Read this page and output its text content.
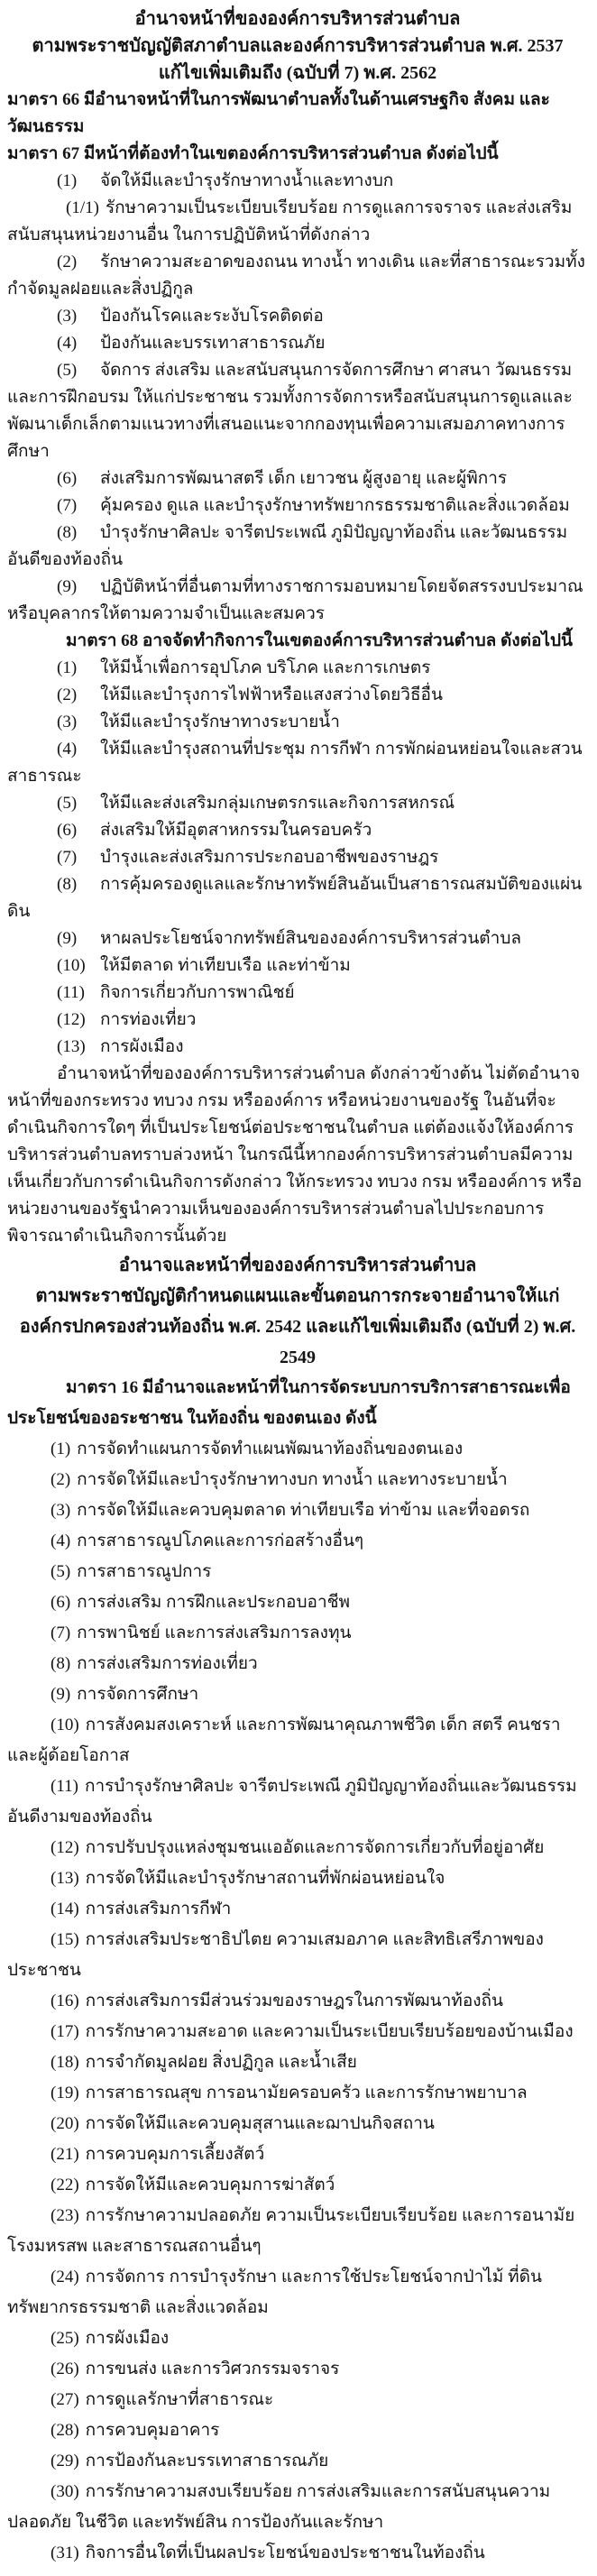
อำนาจหน้าที่ขององค์การบริหารส่วนตำบล

ตามพระราชบัญญัติสภาตำบลและองค์การบริหารส่วนตำบล พ.ศ. 2537

แก้ไขเพิ่มเติมถึง (ฉบับที่ 7) พ.ศ. 2562

มาตรา 66 มีอำนาจหน้าที่ในการพัฒนาตำบลทั้งในด้านเศรษฐกิจ สังคม และวัฒนธรรม

มาตรา 67 มีหน้าที่ต้องทำในเขตองค์การบริหารส่วนตำบล ดังต่อไปนี้

(1) จัดให้มีและบำรุงรักษาทางน้ำและทางบก

(1/1) รักษาความเป็นระเบียบเรียบร้อย การดูแลการจราจร และส่งเสริมสนับสนุนหน่วยงานอื่น ในการปฏิบัติหน้าที่ดังกล่าว

(2) รักษาความสะอาดของถนน ทางน้ำ ทางเดิน และที่สาธารณะรวมทั้งกำจัดมูลฝอยและสิ่งปฏิกูล

(3) ป้องกันโรคและระงับโรคติดต่อ

(4) ป้องกันและบรรเทาสาธารณภัย

(5) จัดการ ส่งเสริม และสนับสนุนการจัดการศึกษา ศาสนา วัฒนธรรม และการฝึกอบรม ให้แก่ประชาชน รวมทั้งการจัดการหรือสนับสนุนการดูแลและพัฒนาเด็กเล็กตามแนวทางที่เสนอแนะจากกองทุนเพื่อความเสมอภาคทางการศึกษา

(6) ส่งเสริมการพัฒนาสตรี เด็ก เยาวชน ผู้สูงอายุ และผู้พิการ

(7) คุ้มครอง ดูแล และบำรุงรักษาทรัพยากรธรรมชาติและสิ่งแวดล้อม

(8) บำรุงรักษาศิลปะ จารีตประเพณี ภูมิปัญญาท้องถิ่น และวัฒนธรรมอันดีของท้องถิ่น

(9) ปฏิบัติหน้าที่อื่นตามที่ทางราชการมอบหมายโดยจัดสรรงบประมาณหรือบุคลากรให้ตามความจำเป็นและสมควร

มาตรา 68 อาจจัดทำกิจการในเขตองค์การบริหารส่วนตำบล ดังต่อไปนี้

(1) ให้มีน้ำเพื่อการอุปโภค บริโภค และการเกษตร

(2) ให้มีและบำรุงการไฟฟ้าหรือแสงสว่างโดยวิธีอื่น

(3) ให้มีและบำรุงรักษาทางระบายน้ำ

(4) ให้มีและบำรุงสถานที่ประชุม การกีฬา การพักผ่อนหย่อนใจและสวนสาธารณะ

(5) ให้มีและส่งเสริมกลุ่มเกษตรกรและกิจการสหกรณ์

(6) ส่งเสริมให้มีอุตสาหกรรมในครอบครัว

(7) บำรุงและส่งเสริมการประกอบอาชีพของราษฎร

(8) การคุ้มครองดูแลและรักษาทรัพย์สินอันเป็นสาธารณสมบัติของแผ่นดิน

(9) หาผลประโยชน์จากทรัพย์สินขององค์การบริหารส่วนตำบล

(10) ให้มีตลาด ท่าเทียบเรือ และท่าข้าม

(11) กิจการเกี่ยวกับการพาณิชย์

(12) การท่องเที่ยว

(13) การผังเมือง

อำนาจหน้าที่ขององค์การบริหารส่วนตำบล ดังกล่าวข้างต้น ไม่ตัดอำนาจหน้าที่ของกระทรวง ทบวง กรม หรือองค์การ หรือหน่วยงานของรัฐ ในอันที่จะดำเนินกิจการใดๆ ที่เป็นประโยชน์ต่อประชาชนในตำบล แต่ต้องแจ้งให้องค์การบริหารส่วนตำบลทราบล่วงหน้า ในกรณีนี้หากองค์การบริหารส่วนตำบลมีความเห็นเกี่ยวกับการดำเนินกิจการดังกล่าว ให้กระทรวง ทบวง กรม หรือองค์การ หรือหน่วยงานของรัฐนำความเห็นขององค์การบริหารส่วนตำบลไปประกอบการพิจารณาดำเนินกิจการนั้นด้วย

อำนาจและหน้าที่ขององค์การบริหารส่วนตำบล

ตามพระราชบัญญัติกำหนดแผนและขั้นตอนการกระจายอำนาจให้แก่

องค์กรปกครองส่วนท้องถิ่น พ.ศ. 2542 และแก้ไขเพิ่มเติมถึง (ฉบับที่ 2) พ.ศ. 2549

มาตรา 16 มีอำนาจและหน้าที่ในการจัดระบบการบริการสาธารณะเพื่อประโยชน์ของอระชาชน ในท้องถิ่น ของตนเอง ดังนี้

(1) การจัดทำแผนการจัดทำแผนพัฒนาท้องถิ่นของตนเอง

(2) การจัดให้มีและบำรุงรักษาทางบก ทางน้ำ และทางระบายน้ำ

(3) การจัดให้มีและควบคุมตลาด ท่าเทียบเรือ ท่าข้าม และที่จอดรถ

(4) การสาธารณูปโภคและการก่อสร้างอื่นๆ

(5) การสาธารณูปการ

(6) การส่งเสริม การฝึกและประกอบอาชีพ

(7) การพานิชย์ และการส่งเสริมการลงทุน

(8) การส่งเสริมการท่องเที่ยว

(9) การจัดการศึกษา

(10) การสังคมสงเคราะห์ และการพัฒนาคุณภาพชีวิต เด็ก สตรี คนชรา และผู้ด้อยโอกาส

(11) การบำรุงรักษาศิลปะ จารีตประเพณี ภูมิปัญญาท้องถิ่นและวัฒนธรรมอันดีงามของท้องถิ่น

(12) การปรับปรุงแหล่งชุมชนแออัดและการจัดการเกี่ยวกับที่อยู่อาศัย

(13) การจัดให้มีและบำรุงรักษาสถานที่พักผ่อนหย่อนใจ

(14) การส่งเสริมการกีฬา

(15) การส่งเสริมประชาธิปไตย ความเสมอภาค และสิทธิเสรีภาพของประชาชน

(16) การส่งเสริมการมีส่วนร่วมของราษฎรในการพัฒนาท้องถิ่น

(17) การรักษาความสะอาด และความเป็นระเบียบเรียบร้อยของบ้านเมือง

(18) การจำกัดมูลฝอย สิ่งปฏิกูล และน้ำเสีย

(19) การสาธารณสุข การอนามัยครอบครัว และการรักษาพยาบาล

(20) การจัดให้มีและควบคุมสุสานและฌาปนกิจสถาน

(21) การควบคุมการเลี้ยงสัตว์

(22) การจัดให้มีและควบคุมการฆ่าสัตว์

(23) การรักษาความปลอดภัย ความเป็นระเบียบเรียบร้อย และการอนามัยโรงมหรสพ และสาธารณสถานอื่นๆ

(24) การจัดการ การบำรุงรักษา และการใช้ประโยชน์จากป่าไม้ ที่ดิน ทรัพยากรธรรมชาติ และสิ่งแวดล้อม

(25) การผังเมือง

(26) การขนส่ง และการวิศวกรรมจราจร

(27) การดูแลรักษาที่สาธารณะ

(28) การควบคุมอาคาร

(29) การป้องกันละบรรเทาสาธารณภัย

(30) การรักษาความสงบเรียบร้อย การส่งเสริมและการสนับสนุนความปลอดภัย ในชีวิต และทรัพย์สิน การป้องกันและรักษา

(31) กิจการอื่นใดที่เป็นผลประโยชน์ของประชาชนในท้องถิ่น
